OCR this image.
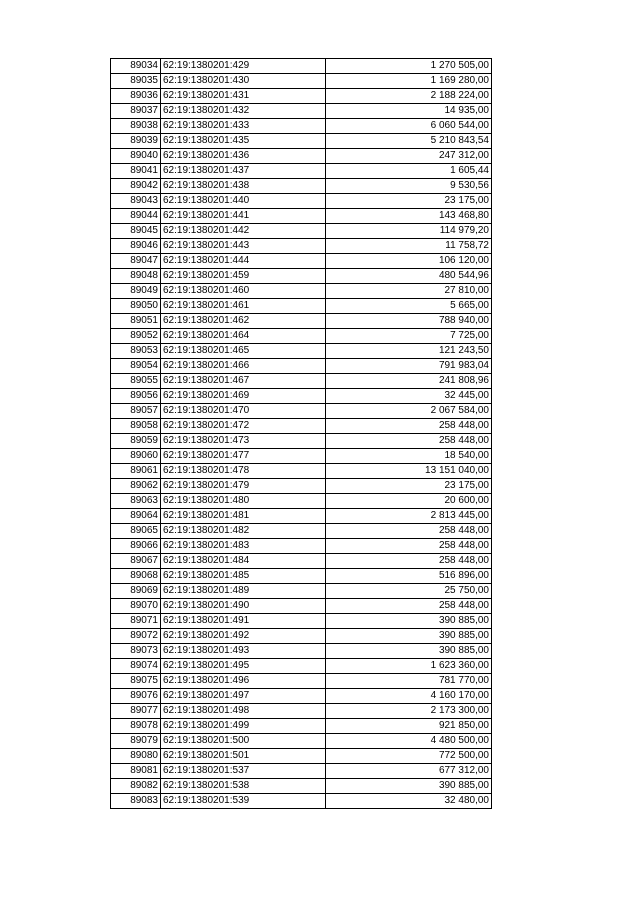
89034	62:19:1380201:429	1 270 505,00
89035	62:19:1380201:430	1 169 280,00
89036	62:19:1380201:431	2 188 224,00
89037	62:19:1380201:432	14 935,00
89038	62:19:1380201:433	6 060 544,00
89039	62:19:1380201:435	5 210 843,54
89040	62:19:1380201:436	247 312,00
89041	62:19:1380201:437	1 605,44
89042	62:19:1380201:438	9 530,56
89043	62:19:1380201:440	23 175,00
89044	62:19:1380201:441	143 468,80
89045	62:19:1380201:442	114 979,20
89046	62:19:1380201:443	11 758,72
89047	62:19:1380201:444	106 120,00
89048	62:19:1380201:459	480 544,96
89049	62:19:1380201:460	27 810,00
89050	62:19:1380201:461	5 665,00
89051	62:19:1380201:462	788 940,00
89052	62:19:1380201:464	7 725,00
89053	62:19:1380201:465	121 243,50
89054	62:19:1380201:466	791 983,04
89055	62:19:1380201:467	241 808,96
89056	62:19:1380201:469	32 445,00
89057	62:19:1380201:470	2 067 584,00
89058	62:19:1380201:472	258 448,00
89059	62:19:1380201:473	258 448,00
89060	62:19:1380201:477	18 540,00
89061	62:19:1380201:478	13 151 040,00
89062	62:19:1380201:479	23 175,00
89063	62:19:1380201:480	20 600,00
89064	62:19:1380201:481	2 813 445,00
89065	62:19:1380201:482	258 448,00
89066	62:19:1380201:483	258 448,00
89067	62:19:1380201:484	258 448,00
89068	62:19:1380201:485	516 896,00
89069	62:19:1380201:489	25 750,00
89070	62:19:1380201:490	258 448,00
89071	62:19:1380201:491	390 885,00
89072	62:19:1380201:492	390 885,00
89073	62:19:1380201:493	390 885,00
89074	62:19:1380201:495	1 623 360,00
89075	62:19:1380201:496	781 770,00
89076	62:19:1380201:497	4 160 170,00
89077	62:19:1380201:498	2 173 300,00
89078	62:19:1380201:499	921 850,00
89079	62:19:1380201:500	4 480 500,00
89080	62:19:1380201:501	772 500,00
89081	62:19:1380201:537	677 312,00
89082	62:19:1380201:538	390 885,00
89083	62:19:1380201:539	32 480,00
